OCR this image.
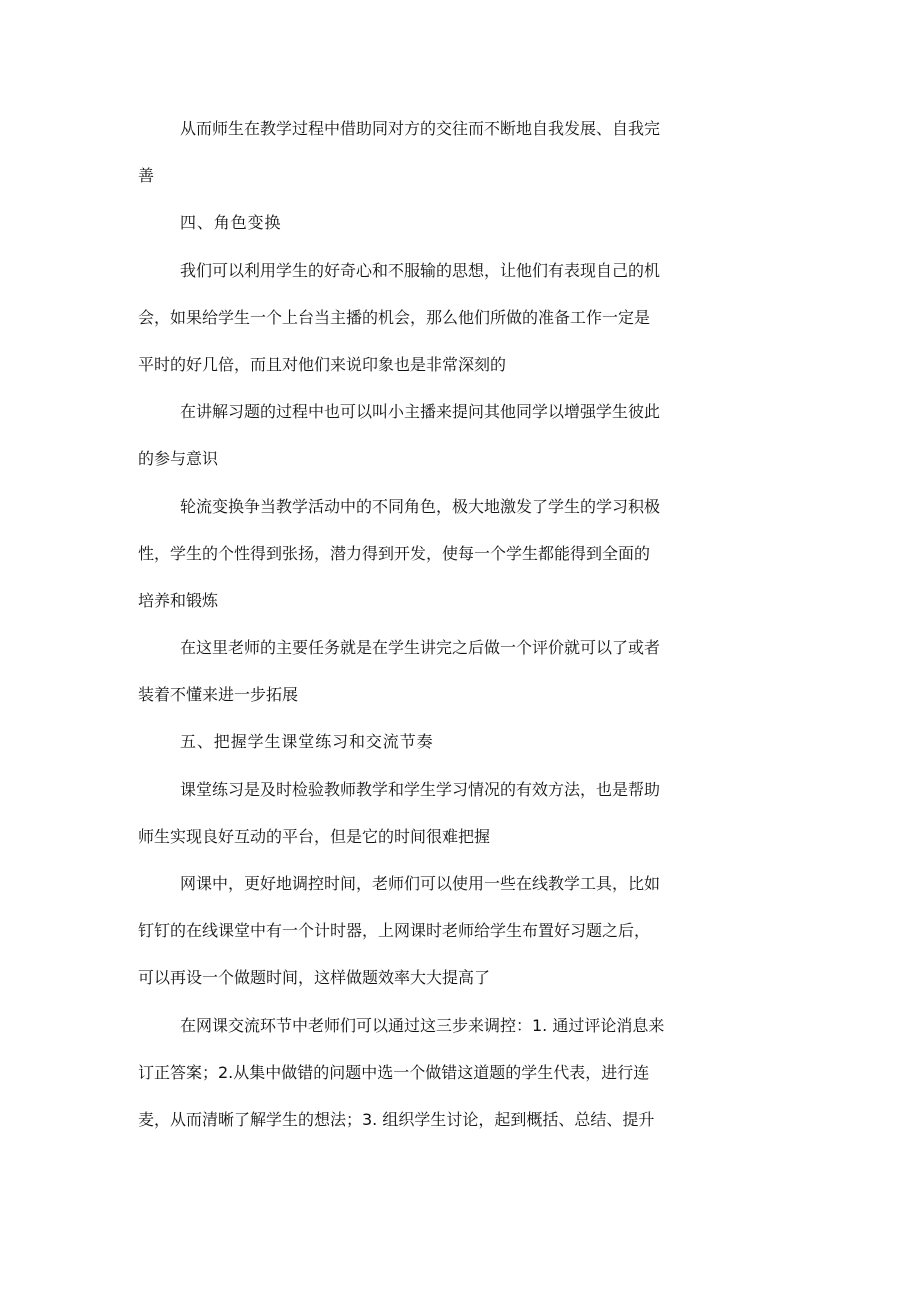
从而师生在教学过程中借助同对方的交往而不断地自我发展、自我完
善
四、角色变换
我们可以利用学生的好奇心和不服输的思想，让他们有表现自己的机
会，如果给学生一个上台当主播的机会，那么他们所做的准备工作一定是
平时的好几倍，而且对他们来说印象也是非常深刻的
在讲解习题的过程中也可以叫小主播来提问其他同学以增强学生彼此
的参与意识
轮流变换争当教学活动中的不同角色，极大地激发了学生的学习积极
性，学生的个性得到张扬，潜力得到开发，使每一个学生都能得到全面的
培养和锻炼
在这里老师的主要任务就是在学生讲完之后做一个评价就可以了或者
装着不懂来进一步拓展
五、把握学生课堂练习和交流节奏
课堂练习是及时检验教师教学和学生学习情况的有效方法，也是帮助
师生实现良好互动的平台，但是它的时间很难把握
网课中，更好地调控时间，老师们可以使用一些在线教学工具，比如
钉钉的在线课堂中有一个计时器，上网课时老师给学生布置好习题之后，
可以再设一个做题时间，这样做题效率大大提高了
在网课交流环节中老师们可以通过这三步来调控：1. 通过评论消息来
订正答案；2.从集中做错的问题中选一个做错这道题的学生代表，进行连
麦，从而清晰了解学生的想法；3. 组织学生讨论，起到概括、总结、提升
